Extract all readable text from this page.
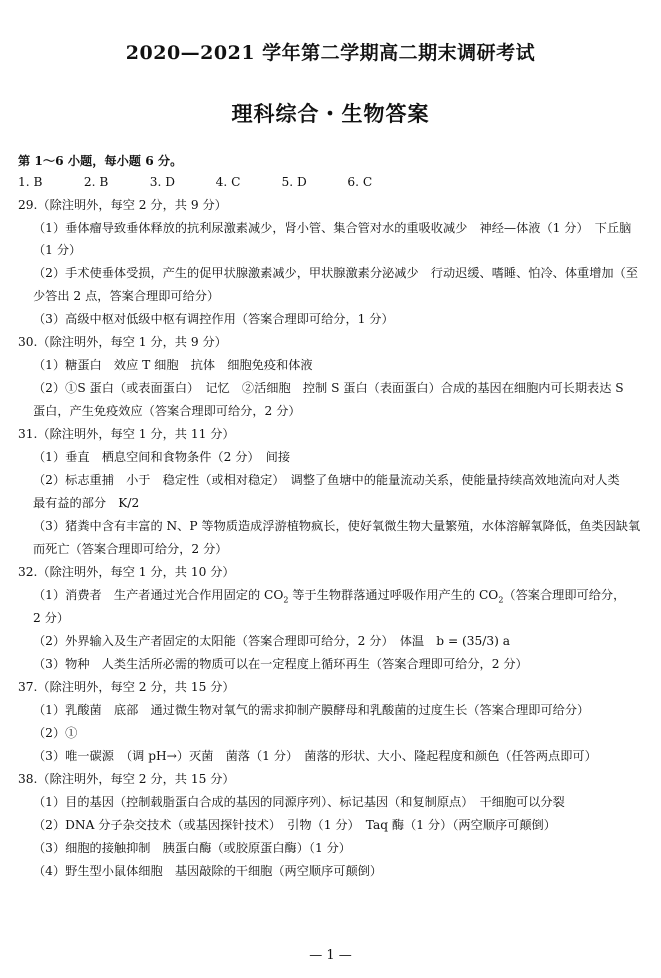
2020—2021 学年第二学期高二期末调研考试
理科综合・生物答案
第 1～6 小题，每小题 6 分。
1. B	2. B	3. D	4. C	5. D	6. C
29.（除注明外，每空 2 分，共 9 分）
（1）垂体瘤导致垂体释放的抗利尿激素减少，肾小管、集合管对水的重吸收减少　神经—体液（1 分）　下丘脑
（1 分）
（2）手术使垂体受损，产生的促甲状腺激素减少，甲状腺激素分泌减少　行动迟缓、嗜睡、怕冷、体重增加（至
少答出 2 点，答案合理即可给分）
（3）高级中枢对低级中枢有调控作用（答案合理即可给分，1 分）
30.（除注明外，每空 1 分，共 9 分）
（1）糖蛋白　效应 T 细胞　抗体　细胞免疫和体液
（2）①S 蛋白（或表面蛋白）　记忆　②活细胞　控制 S 蛋白（表面蛋白）合成的基因在细胞内可长期表达 S
蛋白，产生免疫效应（答案合理即可给分，2 分）
31.（除注明外，每空 1 分，共 11 分）
（1）垂直　栖息空间和食物条件（2 分）　间接
（2）标志重捕　小于　稳定性（或相对稳定）　调整了鱼塘中的能量流动关系，使能量持续高效地流向对人类
最有益的部分　K/2
（3）猪粪中含有丰富的 N、P 等物质造成浮游植物疯长，使好氧微生物大量繁殖，水体溶解氧降低，鱼类因缺氧
而死亡（答案合理即可给分，2 分）
32.（除注明外，每空 1 分，共 10 分）
（1）消费者　生产者通过光合作用固定的 $CO_2$ 等于生物群落通过呼吸作用产生的 $CO_2$（答案合理即可给分，
2 分）
（2）外界输入及生产者固定的太阳能（答案合理即可给分，2 分）　体温　b = (35/3) a
（3）物种　人类生活所必需的物质可以在一定程度上循环再生（答案合理即可给分，2 分）
37.（除注明外，每空 2 分，共 15 分）
（1）乳酸菌　底部　通过微生物对氧气的需求抑制产膜酵母和乳酸菌的过度生长（答案合理即可给分）
（2）①
（3）唯一碳源　（调 pH→）灭菌　菌落（1 分）　菌落的形状、大小、隆起程度和颜色（任答两点即可）
38.（除注明外，每空 2 分，共 15 分）
（1）目的基因（控制载脂蛋白合成的基因的同源序列）、标记基因（和复制原点）　干细胞可以分裂
（2）DNA 分子杂交技术（或基因探针技术）　引物（1 分）　Taq 酶（1 分）（两空顺序可颠倒）
（3）细胞的接触抑制　胰蛋白酶（或胶原蛋白酶）（1 分）
（4）野生型小鼠体细胞　基因敲除的干细胞（两空顺序可颠倒）
— 1 —
